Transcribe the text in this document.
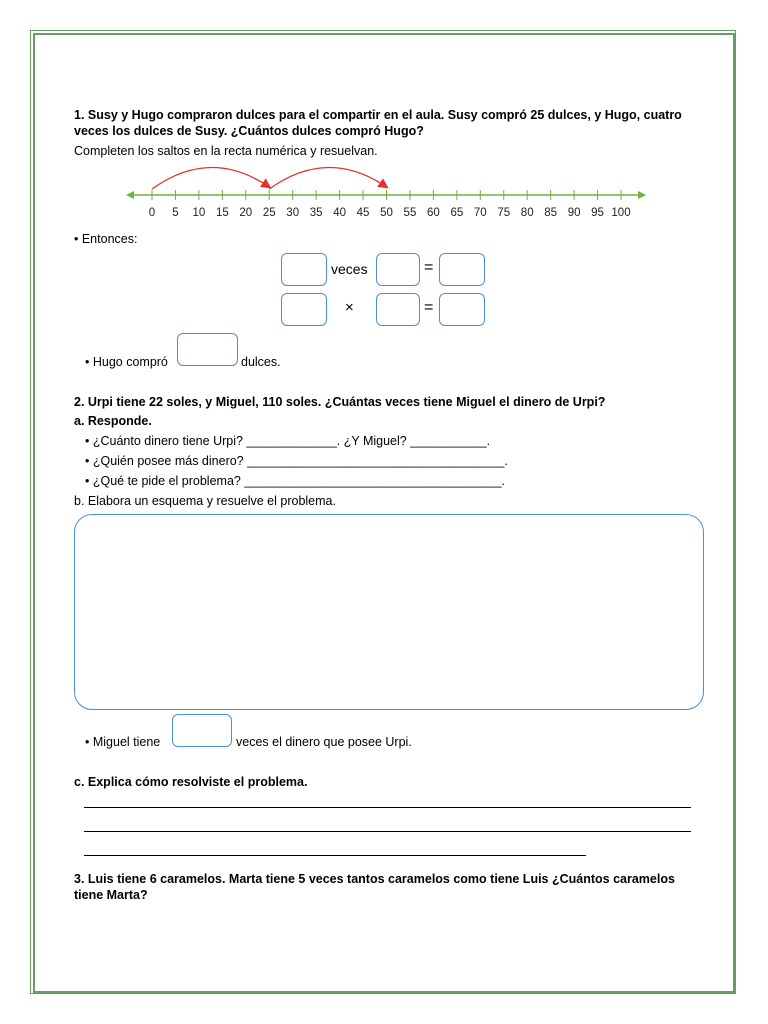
1. Susy y Hugo compraron dulces para el compartir en el aula. Susy compró 25 dulces, y Hugo, cuatro
veces los dulces de Susy. ¿Cuántos dulces compró Hugo?
Completen los saltos en la recta numérica y resuelvan.
0 5 10 15 20 25 30 35 40 45 50 55 60 65 70 75 80 85 90 95 100
• Entonces:
veces	=
×	=
• Hugo compró	dulces.
2. Urpi tiene 22 soles, y Miguel, 110 soles. ¿Cuántas veces tiene Miguel el dinero de Urpi?
a. Responde.
• ¿Cuánto dinero tiene Urpi? _____________. ¿Y Miguel? ___________.
• ¿Quién posee más dinero? _____________________________________.
• ¿Qué te pide el problema? _____________________________________.
b. Elabora un esquema y resuelve el problema.
• Miguel tiene	veces el dinero que posee Urpi.
c. Explica cómo resolviste el problema.
3. Luis tiene 6 caramelos. Marta tiene 5 veces tantos caramelos como tiene Luis ¿Cuántos caramelos
tiene Marta?
